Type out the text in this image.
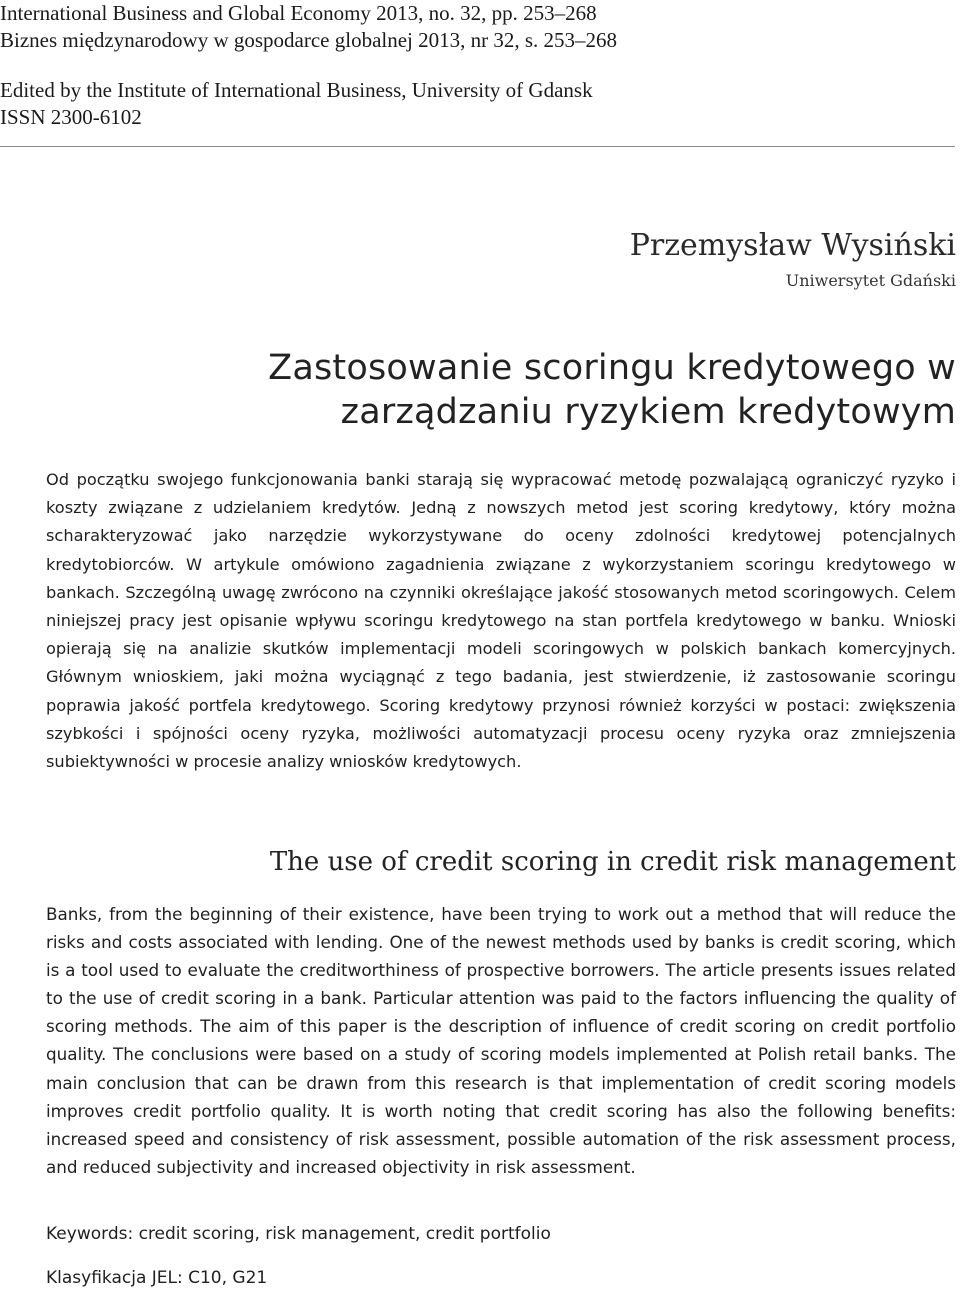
International Business and Global Economy 2013, no. 32, pp. 253–268
Biznes międzynarodowy w gospodarce globalnej 2013, nr 32, s. 253–268
Edited by the Institute of International Business, University of Gdansk
ISSN 2300-6102
Przemysław Wysiński
Uniwersytet Gdański
Zastosowanie scoringu kredytowego w zarządzaniu ryzykiem kredytowym

Od początku swojego funkcjonowania banki starają się wypracować metodę pozwalającą ograniczyć ryzyko i koszty związane z udzielaniem kredytów. Jedną z nowszych metod jest scoring kredytowy, który można scharakteryzować jako narzędzie wykorzystywane do oceny zdolności kredytowej potencjalnych kredytobiorców. W artykule omówiono zagadnienia związane z wykorzystaniem scoringu kredytowego w bankach. Szczególną uwagę zwrócono na czynniki określające jakość stosowanych metod scoringowych. Celem niniejszej pracy jest opisanie wpływu scoringu kredytowego na stan portfela kredytowego w banku. Wnioski opierają się na analizie skutków implementacji modeli scoringowych w polskich bankach komercyjnych. Głównym wnioskiem, jaki można wyciągnąć z tego badania, jest stwierdzenie, iż zastosowanie scoringu poprawia jakość portfela kredytowego. Scoring kredytowy przynosi również korzyści w postaci: zwiększenia szybkości i spójności oceny ryzyka, możliwości automatyzacji procesu oceny ryzyka oraz zmniejszenia subiektywności w procesie analizy wniosków kredytowych.

The use of credit scoring in credit risk management

Banks, from the beginning of their existence, have been trying to work out a method that will reduce the risks and costs associated with lending. One of the newest methods used by banks is credit scoring, which is a tool used to evaluate the creditworthiness of prospective borrowers. The article presents issues related to the use of credit scoring in a bank. Particular attention was paid to the factors influencing the quality of scoring methods. The aim of this paper is the description of influence of credit scoring on credit portfolio quality. The conclusions were based on a study of scoring models implemented at Polish retail banks. The main conclusion that can be drawn from this research is that implementation of credit scoring models improves credit portfolio quality. It is worth noting that credit scoring has also the following benefits: increased speed and consistency of risk assessment, possible automation of the risk assessment process, and reduced subjectivity and increased objectivity in risk assessment.

Keywords: credit scoring, risk management, credit portfolio
Klasyfikacja JEL: C10, G21
